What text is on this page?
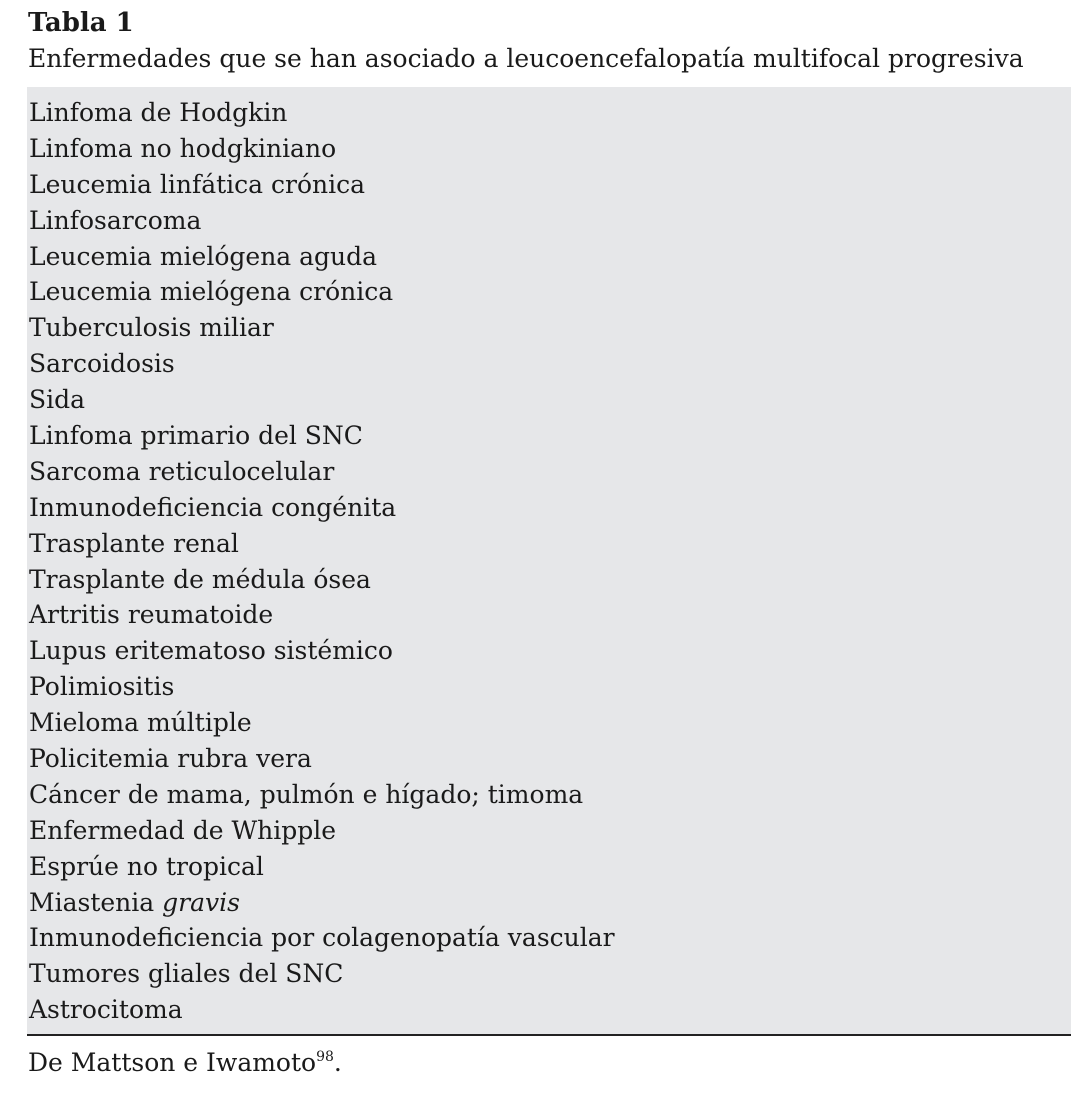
Tabla 1
Enfermedades que se han asociado a leucoencefalopatía multifocal progresiva
Linfoma de Hodgkin
Linfoma no hodgkiniano
Leucemia linfática crónica
Linfosarcoma
Leucemia mielógena aguda
Leucemia mielógena crónica
Tuberculosis miliar
Sarcoidosis
Sida
Linfoma primario del SNC
Sarcoma reticulocelular
Inmunodeficiencia congénita
Trasplante renal
Trasplante de médula ósea
Artritis reumatoide
Lupus eritematoso sistémico
Polimiositis
Mieloma múltiple
Policitemia rubra vera
Cáncer de mama, pulmón e hígado; timoma
Enfermedad de Whipple
Esprúe no tropical
Miastenia gravis
Inmunodeficiencia por colagenopatía vascular
Tumores gliales del SNC
Astrocitoma
De Mattson e Iwamoto$^{98}$.
